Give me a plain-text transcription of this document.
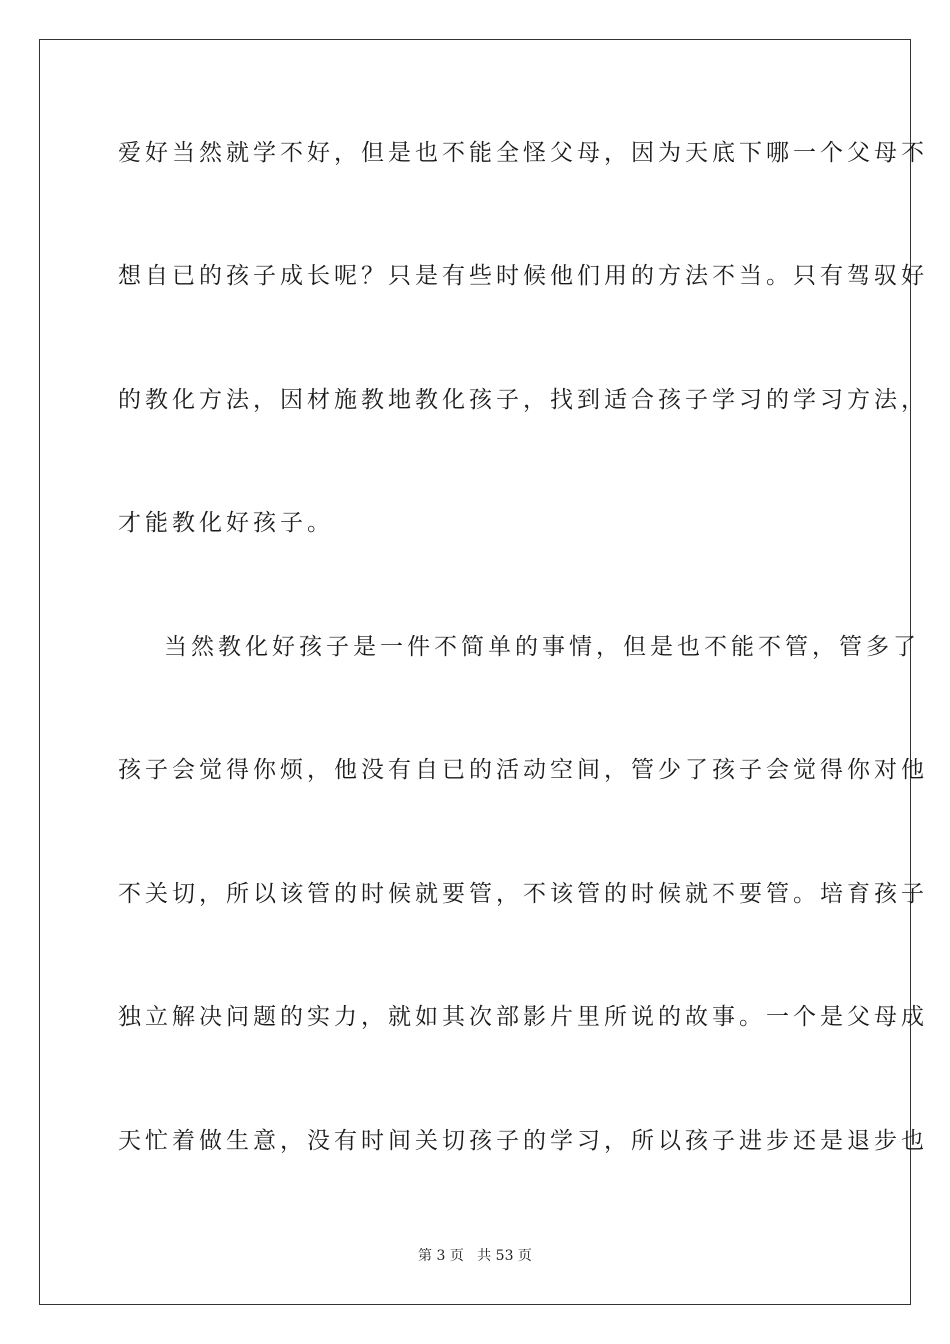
爱好当然就学不好，但是也不能全怪父母，因为天底下哪一个父母不
想自已的孩子成长呢？只是有些时候他们用的方法不当。只有驾驭好
的教化方法，因材施教地教化孩子，找到适合孩子学习的学习方法，
才能教化好孩子。
当然教化好孩子是一件不简单的事情，但是也不能不管，管多了
孩子会觉得你烦，他没有自已的活动空间，管少了孩子会觉得你对他
不关切，所以该管的时候就要管，不该管的时候就不要管。培育孩子
独立解决问题的实力，就如其次部影片里所说的故事。一个是父母成
天忙着做生意，没有时间关切孩子的学习，所以孩子进步还是退步也
第 3 页 共 53 页
